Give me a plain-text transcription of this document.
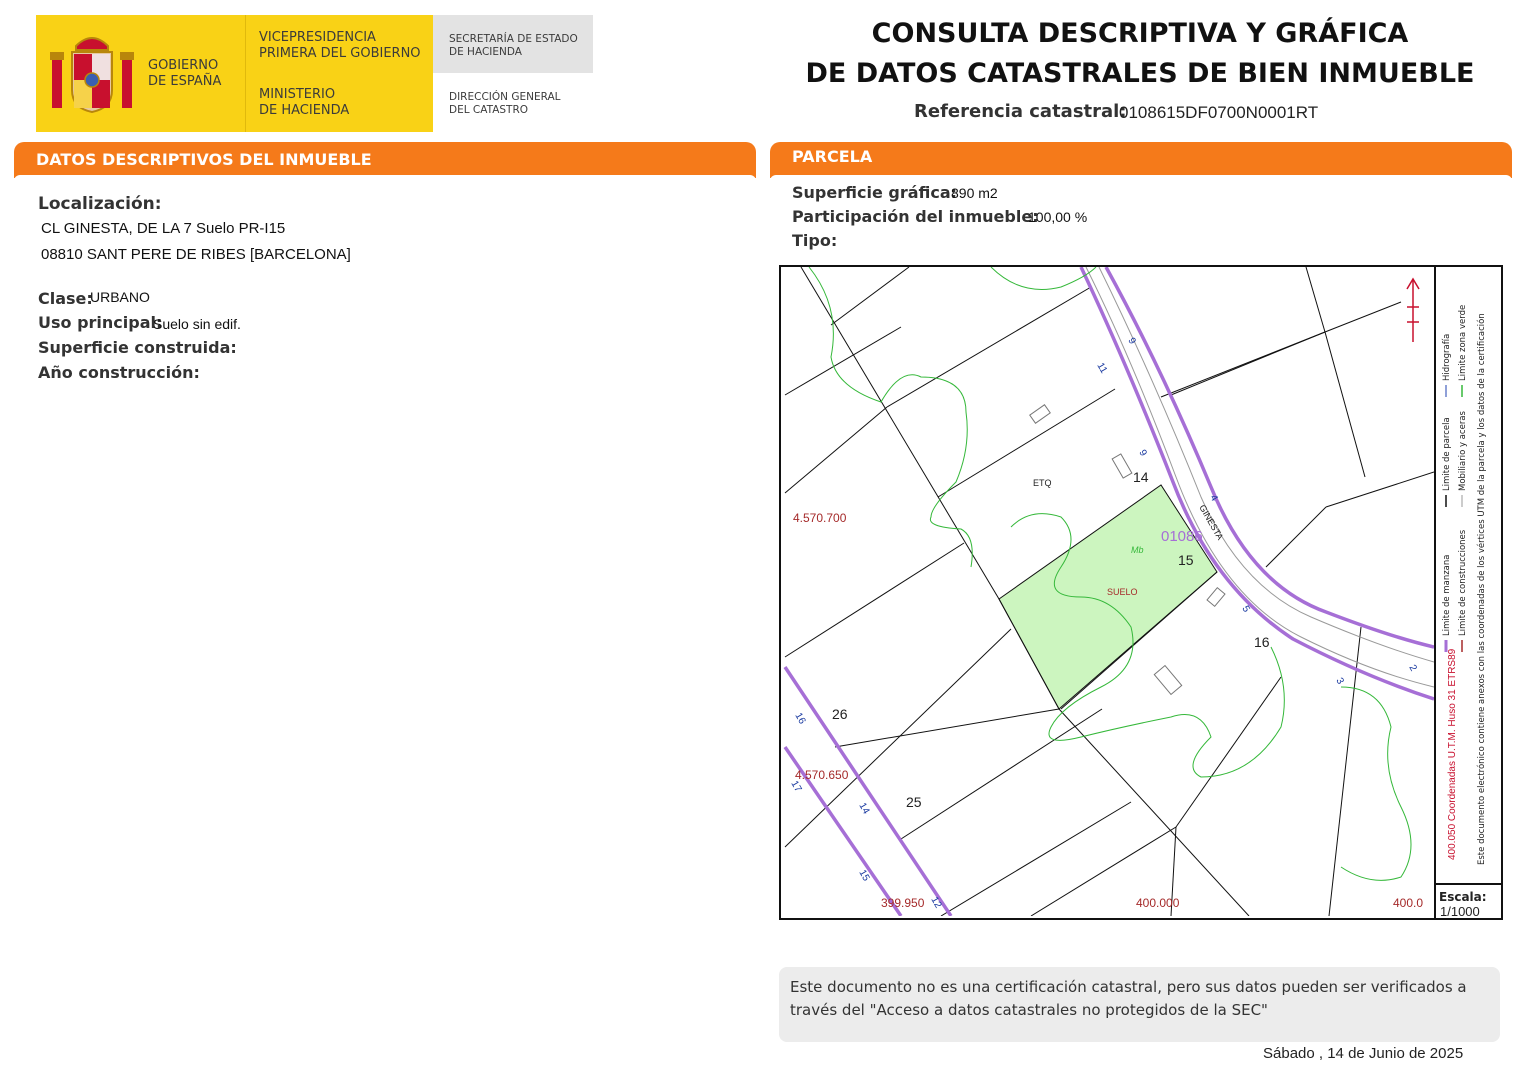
GOBIERNO
DE ESPAÑA
VICEPRESIDENCIA
PRIMERA DEL GOBIERNO
MINISTERIO
DE HACIENDA
SECRETARÍA DE ESTADO
DE HACIENDA
DIRECCIÓN GENERAL
DEL CATASTRO
CONSULTA DESCRIPTIVA Y GRÁFICA
DE DATOS CATASTRALES DE BIEN INMUEBLE
Referencia catastral:
0108615DF0700N0001RT
DATOS DESCRIPTIVOS DEL INMUEBLE
Localización:
CL GINESTA, DE LA 7 Suelo PR-I15
08810 SANT PERE DE RIBES [BARCELONA]
Clase:
URBANO
Uso principal:
Suelo sin edif.
Superficie construida:
Año construcción:
PARCELA
Superficie gráfica:
890 m2
Participación del inmueble:
100,00 %
Tipo:
4.570.700
4.570.650
399.950	400.000	400.0
14
15
16
25
26
01086
ETQ
SUELO
Mb
GINESTA
9
11
9
4
5
3
2
16
17
14
15
12
Limite de manzana
Limite de parcela
Limite de construcciones
Mobiliario y aceras
Hidrografía Limite zona verde
400.050 Coordenadas U.T.M. Huso 31 ETRS89 Este documento electrónico contiene anexos con las coordenadas de los vértices UTM de la parcela y los datos de la certificación
Escala:
1/1000
Este documento no es una certificación catastral, pero sus datos pueden ser verificados a través del "Acceso a datos catastrales no protegidos de la SEC"
Sábado , 14 de Junio de 2025
